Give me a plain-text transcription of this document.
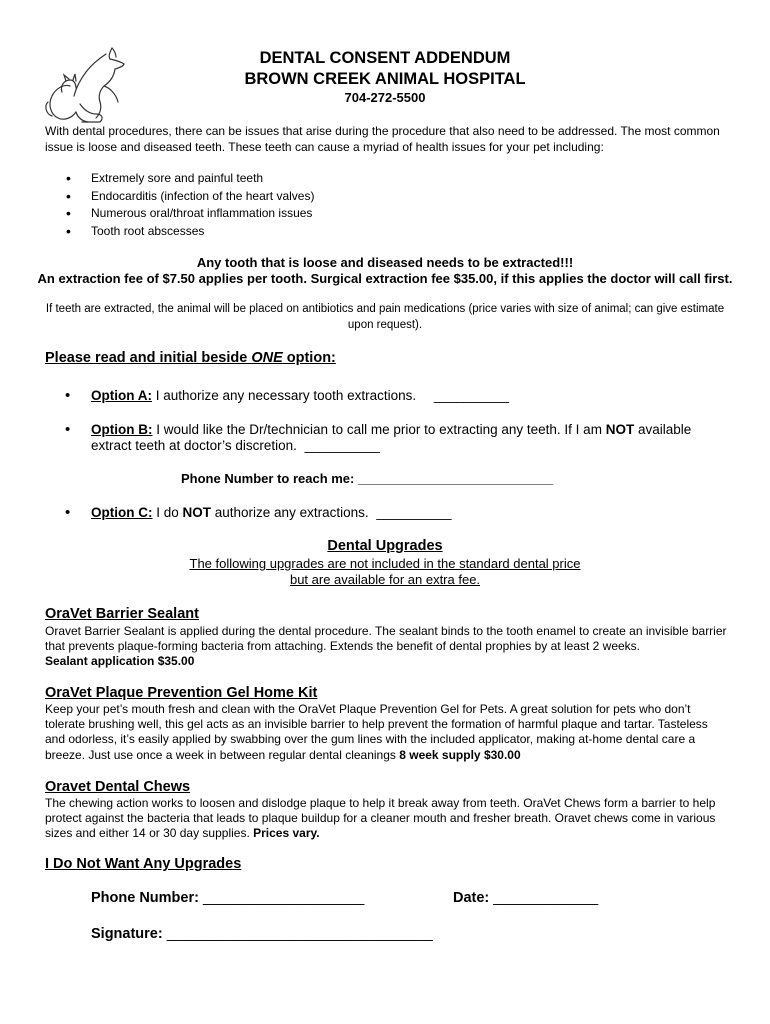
DENTAL CONSENT ADDENDUM
BROWN CREEK ANIMAL HOSPITAL
704-272-5500
With dental procedures, there can be issues that arise during the procedure that also need to be addressed. The most common issue is loose and diseased teeth. These teeth can cause a myriad of health issues for your pet including:
• Extremely sore and painful teeth
• Endocarditis (infection of the heart valves)
• Numerous oral/throat inflammation issues
• Tooth root abscesses
Any tooth that is loose and diseased needs to be extracted!!!
An extraction fee of $7.50 applies per tooth. Surgical extraction fee $35.00, if this applies the doctor will call first.
If teeth are extracted, the animal will be placed on antibiotics and pain medications (price varies with size of animal; can give estimate upon request).
Please read and initial beside ONE option:
•	Option A: I authorize any necessary tooth extractions. __________
•	Option B: I would like the Dr/technician to call me prior to extracting any teeth. If I am NOT available extract teeth at doctor’s discretion. __________
Phone Number to reach me: ___________________________
•	Option C: I do NOT authorize any extractions. __________
Dental Upgrades
The following upgrades are not included in the standard dental price
but are available for an extra fee.
OraVet Barrier Sealant
Oravet Barrier Sealant is applied during the dental procedure. The sealant binds to the tooth enamel to create an invisible barrier that prevents plaque-forming bacteria from attaching. Extends the benefit of dental prophies by at least 2 weeks.
Sealant application $35.00
OraVet Plaque Prevention Gel Home Kit
Keep your pet’s mouth fresh and clean with the OraVet Plaque Prevention Gel for Pets. A great solution for pets who don’t tolerate brushing well, this gel acts as an invisible barrier to help prevent the formation of harmful plaque and tartar. Tasteless and odorless, it’s easily applied by swabbing over the gum lines with the included applicator, making at-home dental care a breeze. Just use once a week in between regular dental cleanings 8 week supply $30.00
Oravet Dental Chews
The chewing action works to loosen and dislodge plaque to help it break away from teeth. OraVet Chews form a barrier to help protect against the bacteria that leads to plaque buildup for a cleaner mouth and fresher breath. Oravet chews come in various sizes and either 14 or 30 day supplies. Prices vary.
I Do Not Want Any Upgrades
Phone Number: ____________________	Date: _____________
Signature: _________________________________
